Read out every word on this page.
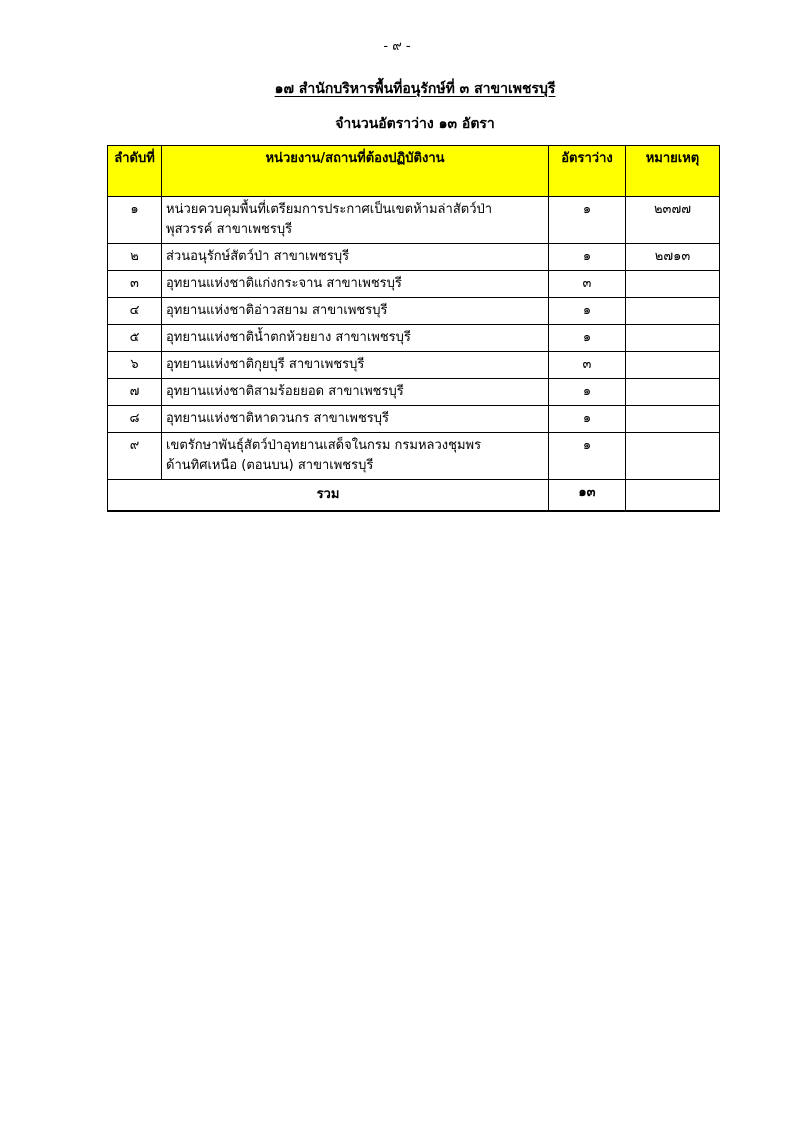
- ๙ -
๑๗ สำนักบริหารพื้นที่อนุรักษ์ที่ ๓ สาขาเพชรบุรี
จำนวนอัตราว่าง ๑๓ อัตรา
ลำดับที่	หน่วยงาน/สถานที่ต้องปฏิบัติงาน	อัตราว่าง	หมายเหตุ
๑	หน่วยควบคุมพื้นที่เตรียมการประกาศเป็นเขตห้ามล่าสัตว์ป่า
พุสวรรค์ สาขาเพชรบุรี	๑	๒๓๗๗
๒	ส่วนอนุรักษ์สัตว์ป่า สาขาเพชรบุรี	๑	๒๗๑๓
๓	อุทยานแห่งชาติแก่งกระจาน สาขาเพชรบุรี	๓	
๔	อุทยานแห่งชาติอ่าวสยาม สาขาเพชรบุรี	๑	
๕	อุทยานแห่งชาติน้ำตกห้วยยาง สาขาเพชรบุรี	๑	
๖	อุทยานแห่งชาติกุยบุรี สาขาเพชรบุรี	๓	
๗	อุทยานแห่งชาติสามร้อยยอด สาขาเพชรบุรี	๑	
๘	อุทยานแห่งชาติหาดวนกร สาขาเพชรบุรี	๑	
๙	เขตรักษาพันธุ์สัตว์ป่าอุทยานเสด็จในกรม กรมหลวงชุมพร
ด้านทิศเหนือ (ตอนบน) สาขาเพชรบุรี	๑	
รวม		๑๓	
